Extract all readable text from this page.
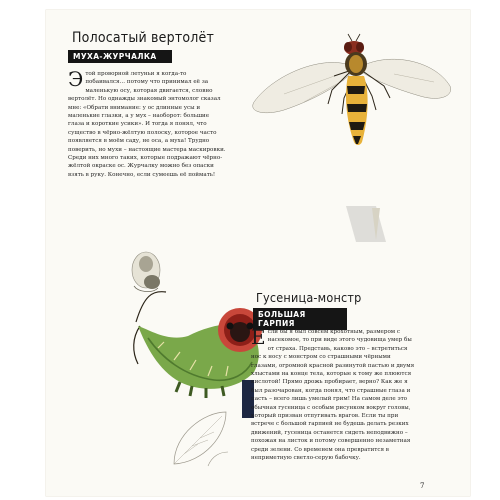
Полосатый вертолёт
МУХА-ЖУРЧАЛКА
Этой проворной летуньи я когда-то побаивался… потому что принимал её за маленькую осу, которая двигается, словно вертолёт. Но однажды знакомый энтомолог сказал мне: «Обрати внимание: у ос длинные усы и маленькие глазки, а у мух – наоборот: большие глаза и короткие усики». И тогда я понял, что существо в чёрно-жёлтую полоску, которое часто появляется в моём саду, не оса, а муха! Трудно поверить, но мухи – настоящие мастера маскировки. Среди них много таких, которые подражают чёрно-жёлтой окраске ос. Журчалку можно без опаски взять в руку. Конечно, если сумеешь её поймать!
Гусеница-монстр
БОЛЬШАЯ ГАРПИЯ
Если бы я был совсем крохотным, размером с насекомое, то при виде этого чудовища умер бы от страха. Представь, каково это – встретиться нос к носу с монстром со страшными чёрными глазами, огромной красной разинутой пастью и двумя хлыстами на конце тела, которые к тому же плюются кислотой! Прямо дрожь пробирает, верно? Как же я был разочарован, когда понял, что страшные глаза и пасть – всего лишь умелый грим! На самом деле это обычная гусеница с особым рисунком вокруг головы, который призван отпугивать врагов. Если ты при встрече с большой гарпией не будешь делать резких движений, гусеница останется сидеть неподвижно – похожая на листок и потому совершенно незаметная среди зелени. Со временем она превратится в неприметную светло-серую бабочку.
7
